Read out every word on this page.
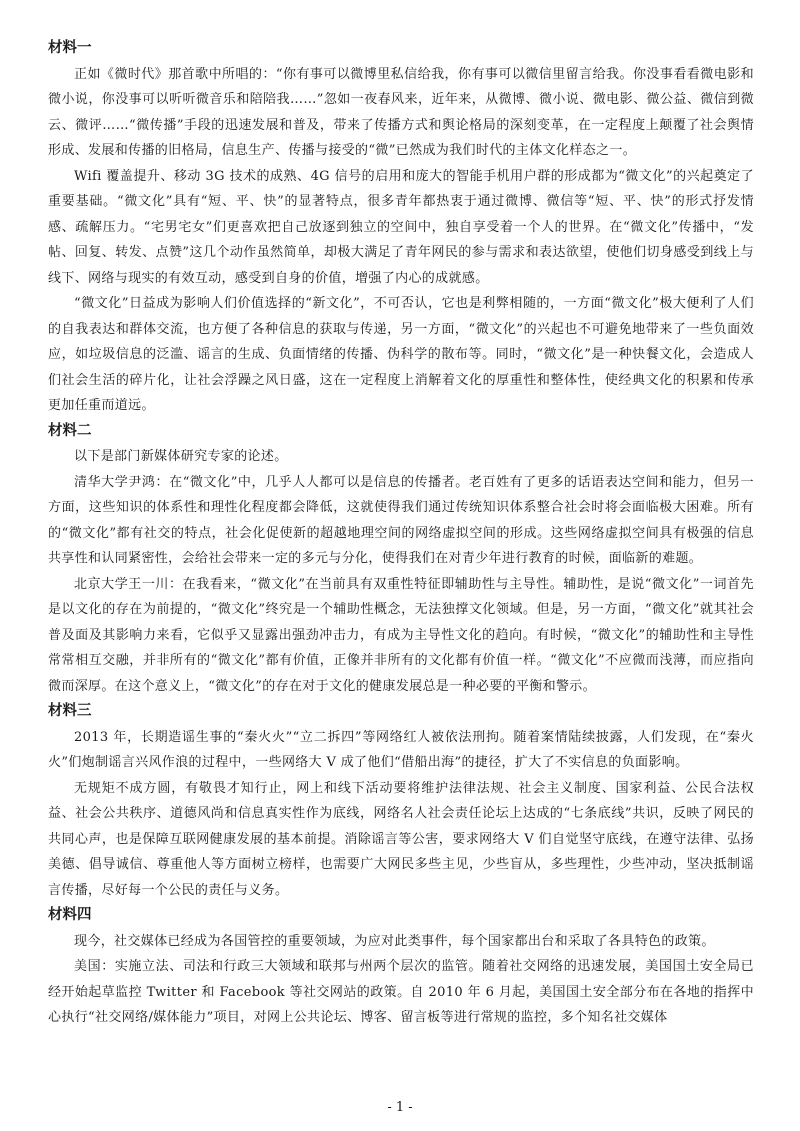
材料一

正如《微时代》那首歌中所唱的：“你有事可以微博里私信给我，你有事可以微信里留言给我。你没事看看微电影和微小说，你没事可以听听微音乐和陪陪我……”忽如一夜春风来，近年来，从微博、微小说、微电影、微公益、微信到微云、微评……“微传播”手段的迅速发展和普及，带来了传播方式和舆论格局的深刻变革，在一定程度上颠覆了社会舆情形成、发展和传播的旧格局，信息生产、传播与接受的“微”已然成为我们时代的主体文化样态之一。

Wifi 覆盖提升、移动 3G 技术的成熟、4G 信号的启用和庞大的智能手机用户群的形成都为“微文化”的兴起奠定了重要基础。“微文化”具有“短、平、快”的显著特点，很多青年都热衷于通过微博、微信等“短、平、快”的形式抒发情感、疏解压力。“宅男宅女”们更喜欢把自己放逐到独立的空间中，独自享受着一个人的世界。在“微文化”传播中，“发帖、回复、转发、点赞”这几个动作虽然简单，却极大满足了青年网民的参与需求和表达欲望，使他们切身感受到线上与线下、网络与现实的有效互动，感受到自身的价值，增强了内心的成就感。

“微文化”日益成为影响人们价值选择的“新文化”，不可否认，它也是利弊相随的，一方面“微文化”极大便利了人们的自我表达和群体交流，也方便了各种信息的获取与传递，另一方面，“微文化”的兴起也不可避免地带来了一些负面效应，如垃圾信息的泛滥、谣言的生成、负面情绪的传播、伪科学的散布等。同时，“微文化”是一种快餐文化，会造成人们社会生活的碎片化，让社会浮躁之风日盛，这在一定程度上消解着文化的厚重性和整体性，使经典文化的积累和传承更加任重而道远。

材料二

以下是部门新媒体研究专家的论述。

清华大学尹鸿：在“微文化”中，几乎人人都可以是信息的传播者。老百姓有了更多的话语表达空间和能力，但另一方面，这些知识的体系性和理性化程度都会降低，这就使得我们通过传统知识体系整合社会时将会面临极大困难。所有的“微文化”都有社交的特点，社会化促使新的超越地理空间的网络虚拟空间的形成。这些网络虚拟空间具有极强的信息共享性和认同紧密性，会给社会带来一定的多元与分化，使得我们在对青少年进行教育的时候，面临新的难题。

北京大学王一川：在我看来，“微文化”在当前具有双重性特征即辅助性与主导性。辅助性，是说“微文化”一词首先是以文化的存在为前提的，“微文化”终究是一个辅助性概念，无法独撑文化领域。但是，另一方面，“微文化”就其社会普及面及其影响力来看，它似乎又显露出强劲冲击力，有成为主导性文化的趋向。有时候，“微文化”的辅助性和主导性常常相互交融，并非所有的“微文化”都有价值，正像并非所有的文化都有价值一样。“微文化”不应微而浅薄，而应指向微而深厚。在这个意义上，“微文化”的存在对于文化的健康发展总是一种必要的平衡和警示。

材料三

2013 年，长期造谣生事的“秦火火”“立二拆四”等网络红人被依法刑拘。随着案情陆续披露，人们发现，在“秦火火”们炮制谣言兴风作浪的过程中，一些网络大 V 成了他们“借船出海”的捷径，扩大了不实信息的负面影响。

无规矩不成方圆，有敬畏才知行止，网上和线下活动要将维护法律法规、社会主义制度、国家利益、公民合法权益、社会公共秩序、道德风尚和信息真实性作为底线，网络名人社会责任论坛上达成的“七条底线”共识，反映了网民的共同心声，也是保障互联网健康发展的基本前提。消除谣言等公害，要求网络大 V 们自觉坚守底线，在遵守法律、弘扬美德、倡导诚信、尊重他人等方面树立榜样，也需要广大网民多些主见，少些盲从，多些理性，少些冲动，坚决抵制谣言传播，尽好每一个公民的责任与义务。

材料四

现今，社交媒体已经成为各国管控的重要领域，为应对此类事件，每个国家都出台和采取了各具特色的政策。

美国：实施立法、司法和行政三大领域和联邦与州两个层次的监管。随着社交网络的迅速发展，美国国土安全局已经开始起草监控 Twitter 和 Facebook 等社交网站的政策。自 2010 年 6 月起，美国国土安全部分布在各地的指挥中心执行“社交网络/媒体能力”项目，对网上公共论坛、博客、留言板等进行常规的监控，多个知名社交媒体

- 1 -
